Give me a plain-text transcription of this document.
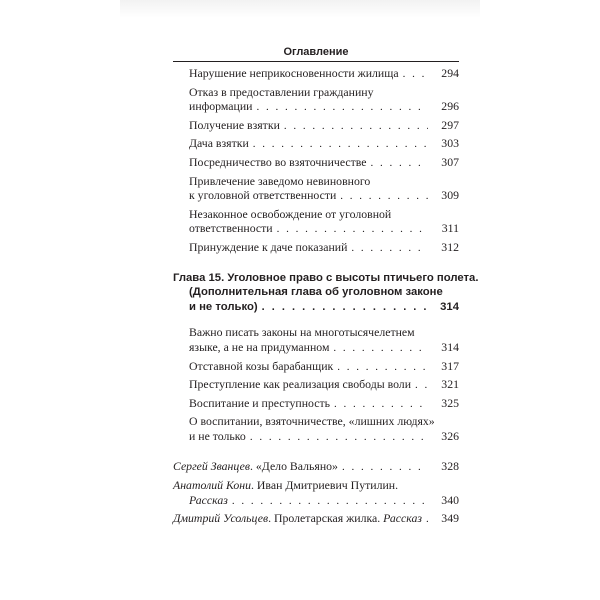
Оглавление
Нарушение неприкосновенности жилища . . .	294
Отказ в предоставлении гражданину
информации . . .	296
Получение взятки . . .	297
Дача взятки . . .	303
Посредничество во взяточничестве . . .	307
Привлечение заведомо невиновного
к уголовной ответственности . . .	309
Незаконное освобождение от уголовной
ответственности . . .	311
Принуждение к даче показаний . . .	312
Глава 15. Уголовное право с высоты птичьего полета.
(Дополнительная глава об уголовном законе
и не только) . . .	314
Важно писать законы на многотысячелетнем
языке, а не на придуманном . . .	314
Отставной козы барабанщик . . .	317
Преступление как реализация свободы воли . . .	321
Воспитание и преступность . . .	325
О воспитании, взяточничестве, «лишних людях»
и не только . . .	326
Сергей Званцев. «Дело Вальяно» . . .	328
Анатолий Кони. Иван Дмитриевич Путилин.
Рассказ . . .	340
Дмитрий Усольцев. Пролетарская жилка. Рассказ . . .	349
